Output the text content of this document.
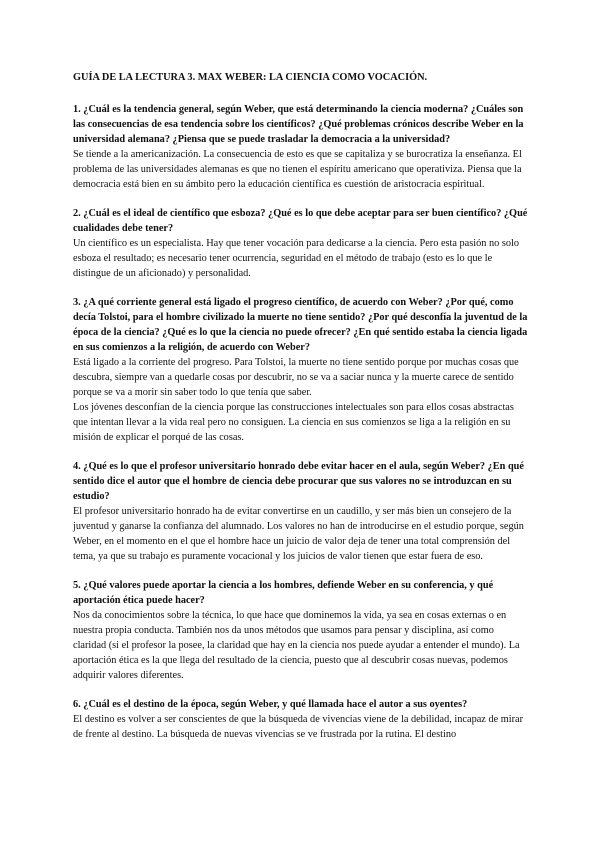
GUÍA DE LA LECTURA 3. MAX WEBER: LA CIENCIA COMO VOCACIÓN.

1. ¿Cuál es la tendencia general, según Weber, que está determinando la ciencia moderna? ¿Cuáles son las consecuencias de esa tendencia sobre los científicos? ¿Qué problemas crónicos describe Weber en la universidad alemana? ¿Piensa que se puede trasladar la democracia a la universidad?

Se tiende a la americanización. La consecuencia de esto es que se capitaliza y se burocratiza la enseñanza. El problema de las universidades alemanas es que no tienen el espíritu americano que operativiza. Piensa que la democracia está bien en su ámbito pero la educación científica es cuestión de aristocracia espiritual.

2. ¿Cuál es el ideal de científico que esboza? ¿Qué es lo que debe aceptar para ser buen científico? ¿Qué cualidades debe tener?

Un científico es un especialista. Hay que tener vocación para dedicarse a la ciencia. Pero esta pasión no solo esboza el resultado; es necesario tener ocurrencia, seguridad en el método de trabajo (esto es lo que le distingue de un aficionado) y personalidad.

3. ¿A qué corriente general está ligado el progreso científico, de acuerdo con Weber? ¿Por qué, como decía Tolstoi, para el hombre civilizado la muerte no tiene sentido? ¿Por qué desconfía la juventud de la época de la ciencia? ¿Qué es lo que la ciencia no puede ofrecer? ¿En qué sentido estaba la ciencia ligada en sus comienzos a la religión, de acuerdo con Weber?

Está ligado a la corriente del progreso. Para Tolstoi, la muerte no tiene sentido porque por muchas cosas que descubra, siempre van a quedarle cosas por descubrir, no se va a saciar nunca y la muerte carece de sentido porque se va a morir sin saber todo lo que tenía que saber.

Los jóvenes desconfían de la ciencia porque las construcciones intelectuales son para ellos cosas abstractas que intentan llevar a la vida real pero no consiguen. La ciencia en sus comienzos se liga a la religión en su misión de explicar el porqué de las cosas.

4. ¿Qué es lo que el profesor universitario honrado debe evitar hacer en el aula, según Weber? ¿En qué sentido dice el autor que el hombre de ciencia debe procurar que sus valores no se introduzcan en su estudio?

El profesor universitario honrado ha de evitar convertirse en un caudillo, y ser más bien un consejero de la juventud y ganarse la confianza del alumnado. Los valores no han de introducirse en el estudio porque, según Weber, en el momento en el que el hombre hace un juicio de valor deja de tener una total comprensión del tema, ya que su trabajo es puramente vocacional y los juicios de valor tienen que estar fuera de eso.

5. ¿Qué valores puede aportar la ciencia a los hombres, defiende Weber en su conferencia, y qué aportación ética puede hacer?

Nos da conocimientos sobre la técnica, lo que hace que dominemos la vida, ya sea en cosas externas o en nuestra propia conducta. También nos da unos métodos que usamos para pensar y disciplina, así como claridad (si el profesor la posee, la claridad que hay en la ciencia nos puede ayudar a entender el mundo). La aportación ética es la que llega del resultado de la ciencia, puesto que al descubrir cosas nuevas, podemos adquirir valores diferentes.

6. ¿Cuál es el destino de la época, según Weber, y qué llamada hace el autor a sus oyentes?

El destino es volver a ser conscientes de que la búsqueda de vivencias viene de la debilidad, incapaz de mirar de frente al destino. La búsqueda de nuevas vivencias se ve frustrada por la rutina. El destino
